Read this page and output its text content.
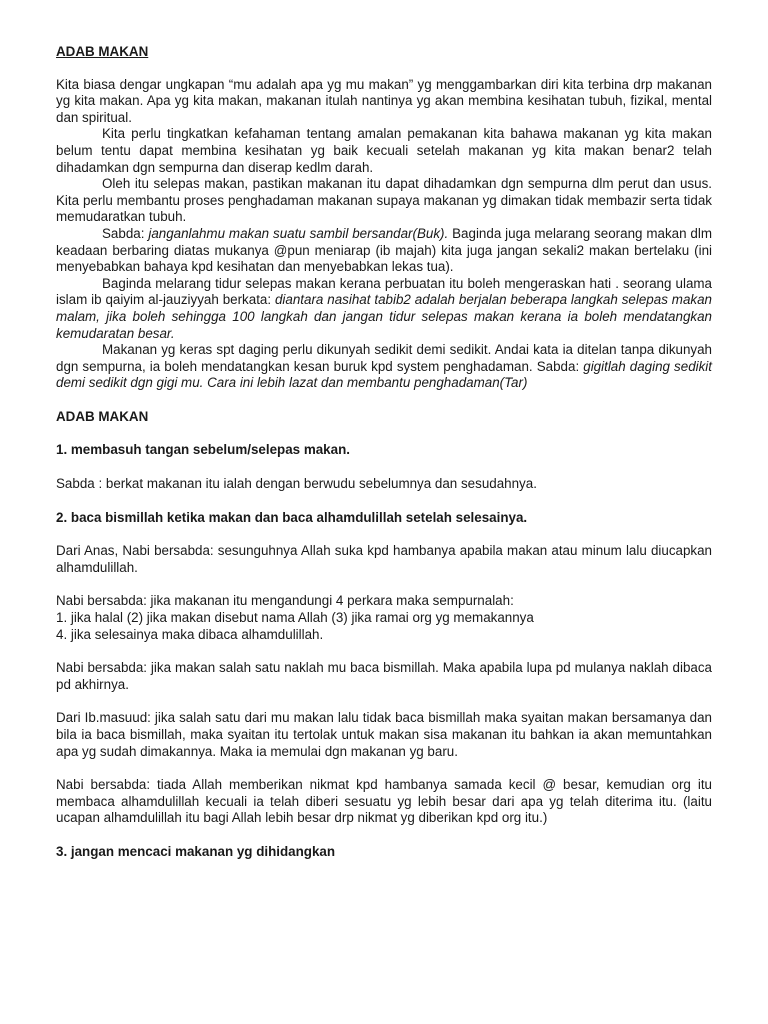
ADAB MAKAN

Kita biasa dengar ungkapan “mu adalah apa yg mu makan” yg menggambarkan diri kita terbina drp makanan yg kita makan. Apa yg kita makan, makanan itulah nantinya yg akan membina kesihatan tubuh, fizikal, mental dan spiritual.

Kita perlu tingkatkan kefahaman tentang amalan pemakanan kita bahawa makanan yg kita makan belum tentu dapat membina kesihatan yg baik kecuali setelah makanan yg kita makan benar2 telah dihadamkan dgn sempurna dan diserap kedlm darah.

Oleh itu selepas makan, pastikan makanan itu dapat dihadamkan dgn sempurna dlm perut dan usus. Kita perlu membantu proses penghadaman makanan supaya makanan yg dimakan tidak membazir serta tidak memudaratkan tubuh.

Sabda: janganlahmu makan suatu sambil bersandar(Buk). Baginda juga melarang seorang makan dlm keadaan berbaring diatas mukanya @pun meniarap (ib majah) kita juga jangan sekali2 makan bertelaku (ini menyebabkan bahaya kpd kesihatan dan menyebabkan lekas tua).

Baginda melarang tidur selepas makan kerana perbuatan itu boleh mengeraskan hati . seorang ulama islam ib qaiyim al-jauziyyah berkata: diantara nasihat tabib2 adalah berjalan beberapa langkah selepas makan malam, jika boleh sehingga 100 langkah dan jangan tidur selepas makan kerana ia boleh mendatangkan kemudaratan besar.

Makanan yg keras spt daging perlu dikunyah sedikit demi sedikit. Andai kata ia ditelan tanpa dikunyah dgn sempurna, ia boleh mendatangkan kesan buruk kpd system penghadaman. Sabda: gigitlah daging sedikit demi sedikit dgn gigi mu. Cara ini lebih lazat dan membantu penghadaman(Tar)

ADAB MAKAN

1. membasuh tangan sebelum/selepas makan.

Sabda : berkat makanan itu ialah dengan berwudu sebelumnya dan sesudahnya.

2. baca bismillah ketika makan dan baca alhamdulillah setelah selesainya.

Dari Anas, Nabi bersabda: sesunguhnya Allah suka kpd hambanya apabila makan atau minum lalu diucapkan alhamdulillah.

Nabi bersabda: jika makanan itu mengandungi 4 perkara maka sempurnalah:
1. jika halal (2) jika makan disebut nama Allah (3) jika ramai org yg memakannya
4. jika selesainya maka dibaca alhamdulillah.

Nabi bersabda: jika makan salah satu naklah mu baca bismillah. Maka apabila lupa pd mulanya naklah dibaca pd akhirnya.

Dari Ib.masuud: jika salah satu dari mu makan lalu tidak baca bismillah maka syaitan makan bersamanya dan bila ia baca bismillah, maka syaitan itu tertolak untuk makan sisa makanan itu bahkan ia akan memuntahkan apa yg sudah dimakannya. Maka ia memulai dgn makanan yg baru.

Nabi bersabda: tiada Allah memberikan nikmat kpd hambanya samada kecil @ besar, kemudian org itu membaca alhamdulillah kecuali ia telah diberi sesuatu yg lebih besar dari apa yg telah diterima itu. (laitu ucapan alhamdulillah itu bagi Allah lebih besar drp nikmat yg diberikan kpd org itu.)

3. jangan mencaci makanan yg dihidangkan
